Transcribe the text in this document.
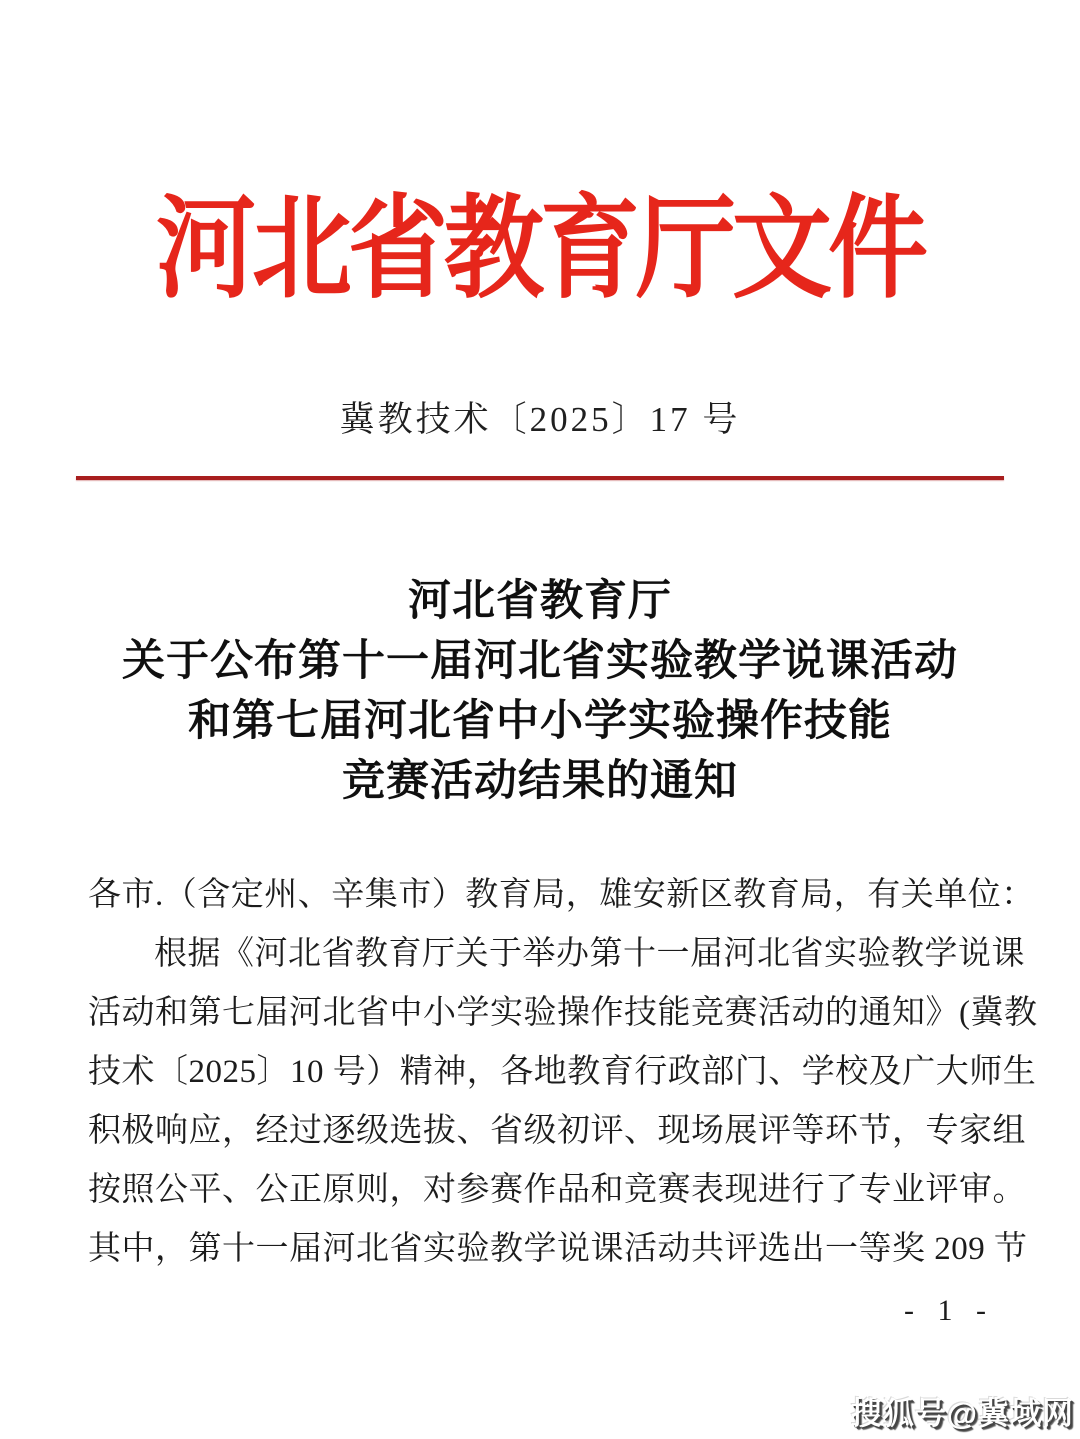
河北省教育厅文件
冀教技术〔2025〕17 号
河北省教育厅
关于公布第十一届河北省实验教学说课活动
和第七届河北省中小学实验操作技能
竞赛活动结果的通知
各市.（含定州、辛集市）教育局，雄安新区教育局，有关单位：
根据《河北省教育厅关于举办第十一届河北省实验教学说课
活动和第七届河北省中小学实验操作技能竞赛活动的通知》(冀教
技术〔2025〕10 号）精神，各地教育行政部门、学校及广大师生
积极响应，经过逐级选拔、省级初评、现场展评等环节，专家组
按照公平、公正原则，对参赛作品和竞赛表现进行了专业评审。
其中，第十一届河北省实验教学说课活动共评选出一等奖 209 节
- 1 -
搜狐号@冀域网
